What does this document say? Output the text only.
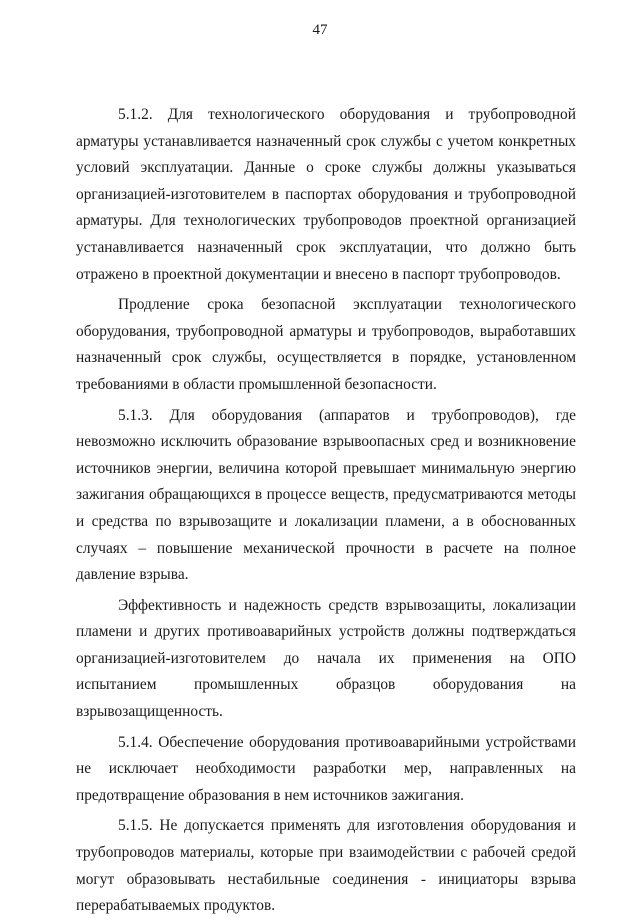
47

5.1.2. Для технологического оборудования и трубопроводной арматуры устанавливается назначенный срок службы с учетом конкретных условий эксплуатации. Данные о сроке службы должны указываться организацией-изготовителем в паспортах оборудования и трубопроводной арматуры. Для технологических трубопроводов проектной организацией устанавливается назначенный срок эксплуатации, что должно быть отражено в проектной документации и внесено в паспорт трубопроводов.

Продление срока безопасной эксплуатации технологического оборудования, трубопроводной арматуры и трубопроводов, выработавших назначенный срок службы, осуществляется в порядке, установленном требованиями в области промышленной безопасности.

5.1.3. Для оборудования (аппаратов и трубопроводов), где невозможно исключить образование взрывоопасных сред и возникновение источников энергии, величина которой превышает минимальную энергию зажигания обращающихся в процессе веществ, предусматриваются методы и средства по взрывозащите и локализации пламени, а в обоснованных случаях – повышение механической прочности в расчете на полное давление взрыва.

Эффективность и надежность средств взрывозащиты, локализации пламени и других противоаварийных устройств должны подтверждаться организацией-изготовителем до начала их применения на ОПО испытанием промышленных образцов оборудования на взрывозащищенность.

5.1.4. Обеспечение оборудования противоаварийными устройствами не исключает необходимости разработки мер, направленных на предотвращение образования в нем источников зажигания.

5.1.5. Не допускается применять для изготовления оборудования и трубопроводов материалы, которые при взаимодействии с рабочей средой могут образовывать нестабильные соединения - инициаторы взрыва перерабатываемых продуктов.
